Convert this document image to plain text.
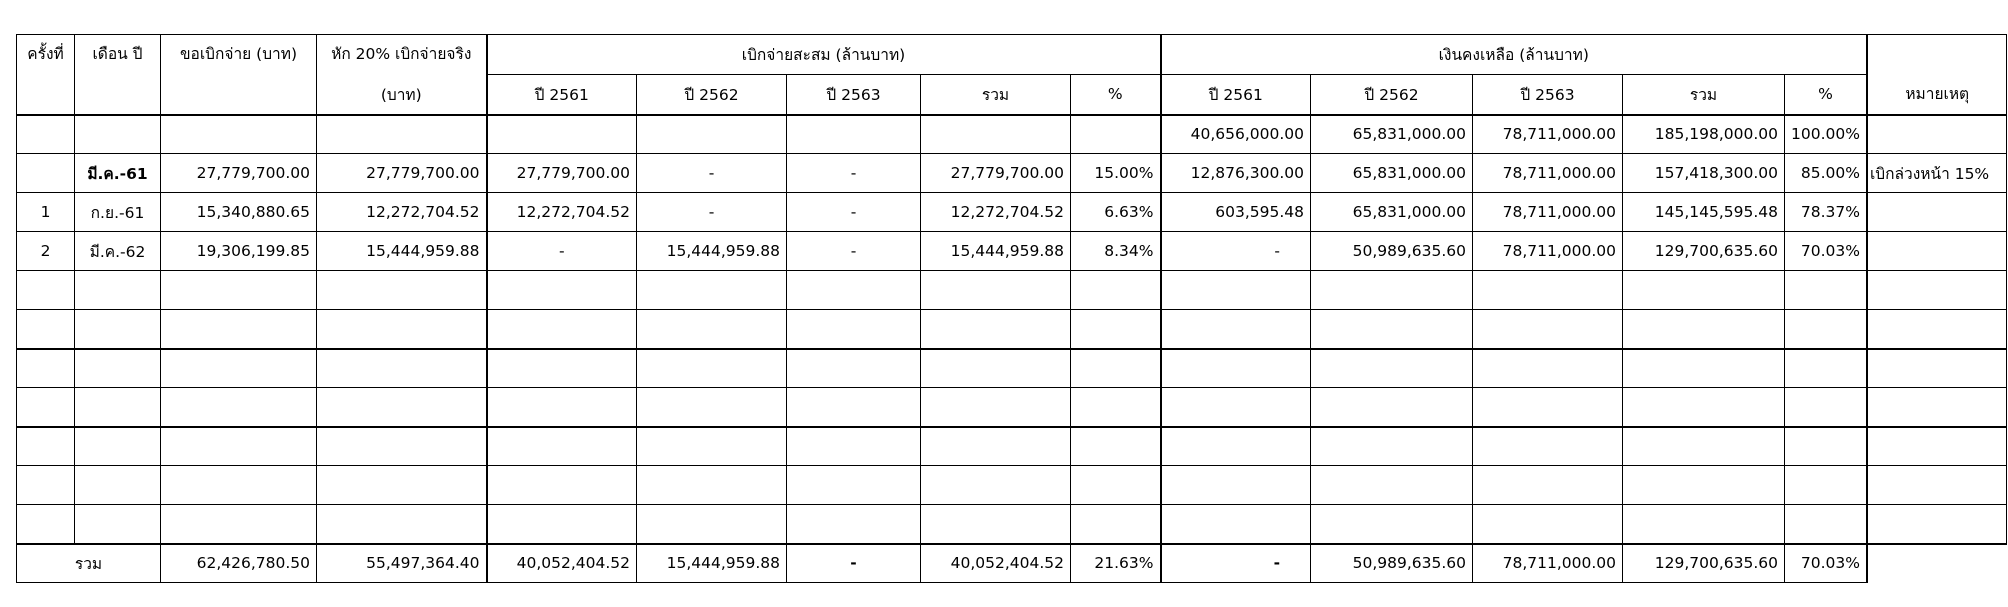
ครั้งที่	เดือน ปี	ขอเบิกจ่าย (บาท)	หัก 20% เบิกจ่ายจริง	เบิกจ่ายสะสม (ล้านบาท)					เงินคงเหลือ (ล้านบาท)					หมายเหตุ
			(บาท)	ปี 2561	ปี 2562	ปี 2563	รวม	%	ปี 2561	ปี 2562	ปี 2563	รวม	%	
									40,656,000.00	65,831,000.00	78,711,000.00	185,198,000.00	100.00%	
	มี.ค.-61	27,779,700.00	27,779,700.00	27,779,700.00	-	-	27,779,700.00	15.00%	12,876,300.00	65,831,000.00	78,711,000.00	157,418,300.00	85.00%	เบิกล่วงหน้า 15%
1	ก.ย.-61	15,340,880.65	12,272,704.52	12,272,704.52	-	-	12,272,704.52	6.63%	603,595.48	65,831,000.00	78,711,000.00	145,145,595.48	78.37%	
2	มี.ค.-62	19,306,199.85	15,444,959.88	-	15,444,959.88	-	15,444,959.88	8.34%	-	50,989,635.60	78,711,000.00	129,700,635.60	70.03%	

รวม		62,426,780.50	55,497,364.40	40,052,404.52	15,444,959.88	-	40,052,404.52	21.63%	-	50,989,635.60	78,711,000.00	129,700,635.60	70.03%	
